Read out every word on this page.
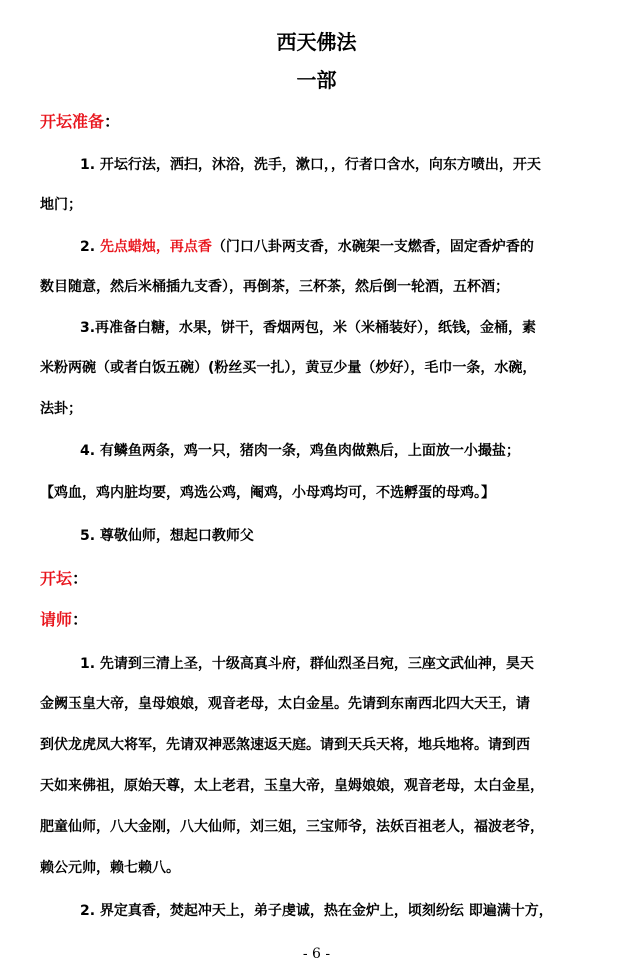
西天佛法
一部
开坛准备：
1. 开坛行法，洒扫，沐浴，洗手，漱口，，行者口含水，向东方喷出，开天
地门；
2. 先点蜡烛，再点香（门口八卦两支香，水碗架一支燃香，固定香炉香的
数目随意，然后米桶插九支香），再倒茶，三杯茶，然后倒一轮酒，五杯酒；
3.再准备白糖，水果，饼干，香烟两包，米（米桶装好），纸钱，金桶，素
米粉两碗（或者白饭五碗）(粉丝买一扎），黄豆少量（炒好），毛巾一条，水碗，
法卦；
4. 有鳞鱼两条，鸡一只，猪肉一条，鸡鱼肉做熟后，上面放一小撮盐；
【鸡血，鸡内脏均要，鸡选公鸡，阉鸡，小母鸡均可，不选孵蛋的母鸡。】
5. 尊敬仙师，想起口教师父
开坛：
请师：
1. 先请到三清上圣，十级高真斗府，群仙烈圣吕宛，三座文武仙神，昊天
金阙玉皇大帝，皇母娘娘，观音老母，太白金星。先请到东南西北四大天王，请
到伏龙虎凤大将军，先请双神恶煞速返天庭。请到天兵天将，地兵地将。请到西
天如来佛祖，原始天尊，太上老君，玉皇大帝，皇姆娘娘，观音老母，太白金星，
肥童仙师，八大金刚，八大仙师，刘三姐，三宝师爷，法妖百祖老人，福波老爷，
赖公元帅，赖七赖八。
2. 界定真香，焚起冲天上，弟子虔诚，热在金炉上，顷刻纷纭 即遍满十方，
- 6 -
